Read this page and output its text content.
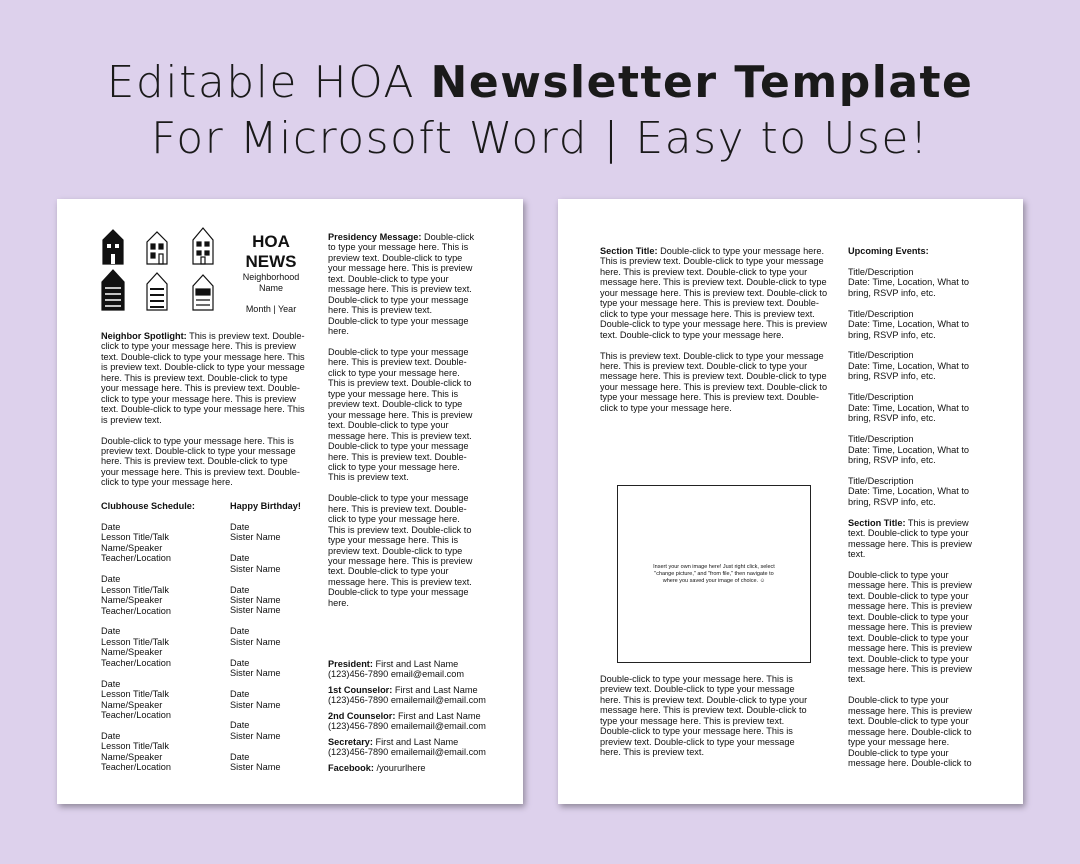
Editable HOA Newsletter Template
For Microsoft Word | Easy to Use!
HOA
NEWS
Neighborhood
Name
Month | Year

Neighbor Spotlight: This is preview text. Double-click to type your message here. This is preview text. Double-click to type your message here. This is preview text. Double-click to type your message here. This is preview text. Double-click to type your message here. This is preview text. Double-click to type your message here. This is preview text. Double-click to type your message here. This is preview text.

Double-click to type your message here. This is preview text. Double-click to type your message here. This is preview text. Double-click to type your message here. This is preview text. Double-click to type your message here.

Clubhouse Schedule:
Date
Lesson Title/Talk
Name/Speaker
Teacher/Location
Date
Lesson Title/Talk
Name/Speaker
Teacher/Location
Date
Lesson Title/Talk
Name/Speaker
Teacher/Location
Date
Lesson Title/Talk
Name/Speaker
Teacher/Location
Date
Lesson Title/Talk
Name/Speaker
Teacher/Location
Happy Birthday!
Date
Sister Name
Date
Sister Name
Date
Sister Name
Sister Name
Date
Sister Name
Date
Sister Name
Date
Sister Name
Date
Sister Name
Date
Sister Name

Presidency Message: Double-click to type your message here. This is preview text. Double-click to type your message here. This is preview text. Double-click to type your message here. This is preview text. Double-click to type your message here. This is preview text.
Double-click to type your message here.

Double-click to type your message here. This is preview text. Double-click to type your message here. This is preview text. Double-click to type your message here. This is preview text. Double-click to type your message here. This is preview text. Double-click to type your message here. This is preview text. Double-click to type your message here. This is preview text. Double-click to type your message here. This is preview text.

Double-click to type your message here. This is preview text. Double-click to type your message here. This is preview text. Double-click to type your message here. This is preview text. Double-click to type your message here. This is preview text. Double-click to type your message here. This is preview text. Double-click to type your message here.

President: First and Last Name
(123)456-7890 email@email.com
1st Counselor: First and Last Name
(123)456-7890 emailemail@email.com
2nd Counselor: First and Last Name
(123)456-7890 emailemail@email.com
Secretary: First and Last Name
(123)456-7890 emailemail@email.com
Facebook: /yoururlhere

Section Title: Double-click to type your message here. This is preview text. Double-click to type your message here. This is preview text. Double-click to type your message here. This is preview text. Double-click to type your message here. This is preview text. Double-click to type your message here. This is preview text. Double-click to type your message here. This is preview text. Double-click to type your message here. This is preview text. Double-click to type your message here.

This is preview text. Double-click to type your message here. This is preview text. Double-click to type your message here. This is preview text. Double-click to type your message here. This is preview text. Double-click to type your message here. This is preview text. Double-click to type your message here.

Insert your own image here! Just right click, select "change picture," and "from file," then navigate to where you saved your image of choice. ☺

Double-click to type your message here. This is preview text. Double-click to type your message here. This is preview text. Double-click to type your message here. This is preview text. Double-click to type your message here. This is preview text. Double-click to type your message here. This is preview text. Double-click to type your message here. This is preview text.

Upcoming Events:
Title/Description
Date: Time, Location, What to bring, RSVP info, etc.
Title/Description
Date: Time, Location, What to bring, RSVP info, etc.
Title/Description
Date: Time, Location, What to bring, RSVP info, etc.
Title/Description
Date: Time, Location, What to bring, RSVP info, etc.
Title/Description
Date: Time, Location, What to bring, RSVP info, etc.
Title/Description
Date: Time, Location, What to bring, RSVP info, etc.

Section Title: This is preview text. Double-click to type your message here. This is preview text.

Double-click to type your message here. This is preview text. Double-click to type your message here. This is preview text. Double-click to type your message here. This is preview text. Double-click to type your message here. This is preview text. Double-click to type your message here. This is preview text.

Double-click to type your message here. This is preview text. Double-click to type your message here. Double-click to type your message here. Double-click to type your message here. Double-click to
